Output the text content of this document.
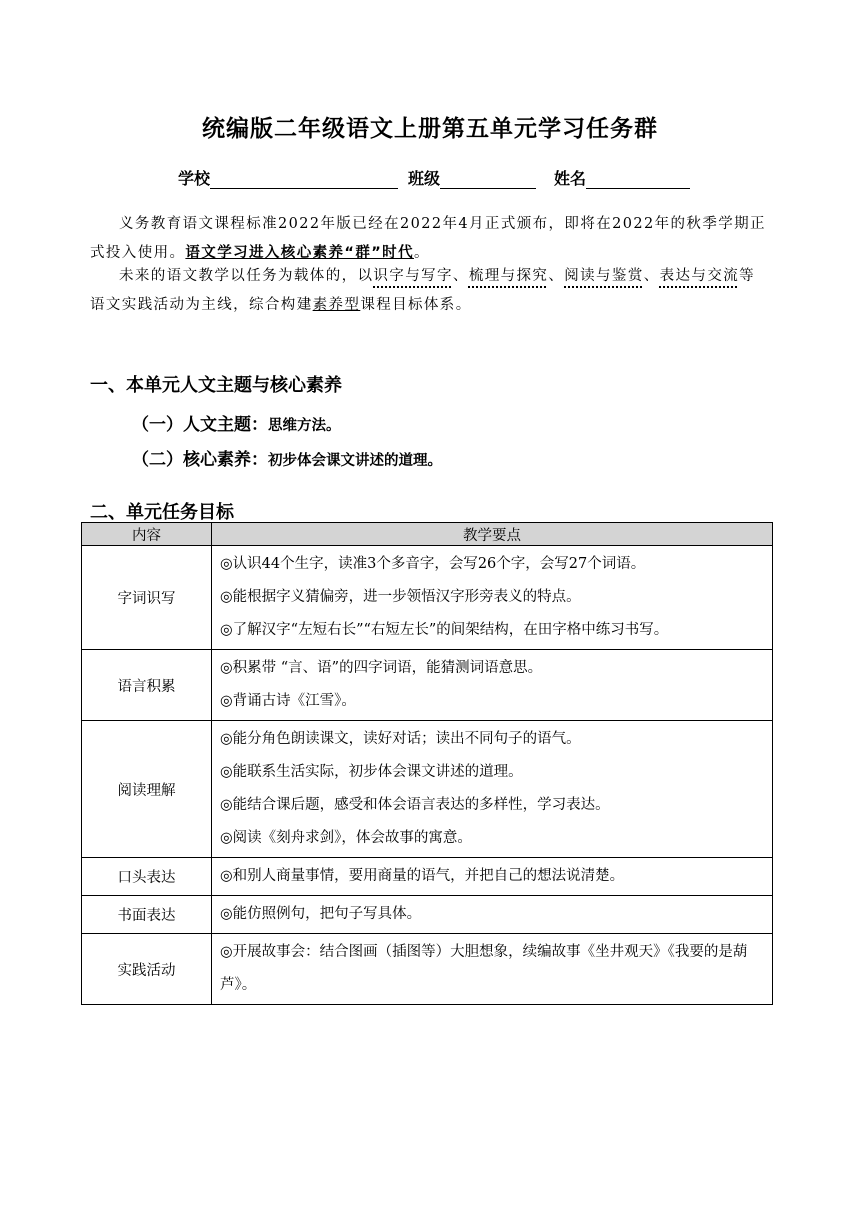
统编版二年级语文上册第五单元学习任务群
学校	班级	姓名
义务教育语文课程标准2022年版已经在2022年4月正式颁布，即将在2022年的秋季学期正式投入使用。语文学习进入核心素养“群”时代。
未来的语文教学以任务为载体的，以识字与写字、梳理与探究、阅读与鉴赏、表达与交流等语文实践活动为主线，综合构建素养型课程目标体系。
一、本单元人文主题与核心素养
（一）人文主题：思维方法。
（二）核心素养：初步体会课文讲述的道理。
二、单元任务目标
内容	教学要点
字词识写	◎认识44个生字，读准3个多音字，会写26个字，会写27个词语。
◎能根据字义猜偏旁，进一步领悟汉字形旁表义的特点。
◎了解汉字“左短右长”“右短左长”的间架结构，在田字格中练习书写。

语言积累	◎积累带 “言、语”的四字词语，能猜测词语意思。
◎背诵古诗《江雪》。

阅读理解	◎能分角色朗读课文，读好对话；读出不同句子的语气。
◎能联系生活实际，初步体会课文讲述的道理。
◎能结合课后题，感受和体会语言表达的多样性，学习表达。
◎阅读《刻舟求剑》，体会故事的寓意。

口头表达	◎和别人商量事情，要用商量的语气，并把自己的想法说清楚。

书面表达	◎能仿照例句，把句子写具体。

实践活动	◎开展故事会：结合图画（插图等）大胆想象，续编故事《坐井观天》《我要的是葫芦》。
